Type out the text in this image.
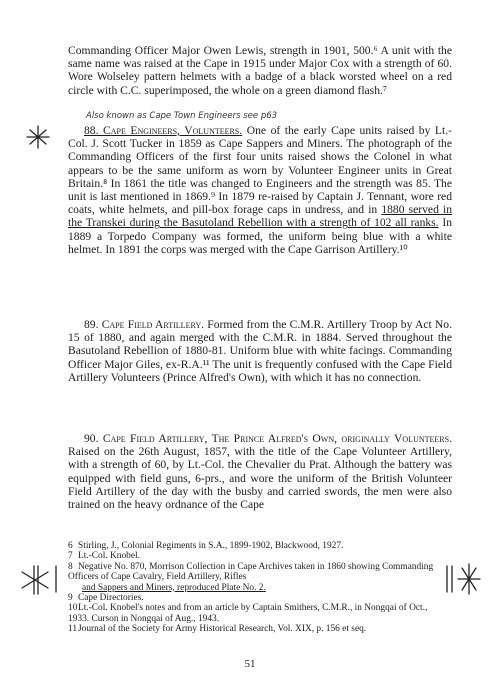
Commanding Officer Major Owen Lewis, strength in 1901, 500.⁶ A unit with the same name was raised at the Cape in 1915 under Major Cox with a strength of 60. Wore Wolseley pattern helmets with a badge of a black worsted wheel on a red circle with C.C. superimposed, the whole on a green diamond flash.⁷
Also known as Cape Town Engineers see p63
88. Cape Engineers, Volunteers. One of the early Cape units raised by Lt.-Col. J. Scott Tucker in 1859 as Cape Sappers and Miners. The photograph of the Commanding Officers of the first four units raised shows the Colonel in what appears to be the same uniform as worn by Volunteer Engineer units in Great Britain.⁸ In 1861 the title was changed to Engineers and the strength was 85. The unit is last mentioned in 1869.⁹ In 1879 re-raised by Captain J. Tennant, wore red coats, white helmets, and pill-box forage caps in undress, and in 1880 served in the Transkei during the Basutoland Rebellion with a strength of 102 all ranks. In 1889 a Torpedo Company was formed, the uniform being blue with a white helmet. In 1891 the corps was merged with the Cape Garrison Artillery.¹⁰
89. Cape Field Artillery. Formed from the C.M.R. Artillery Troop by Act No. 15 of 1880, and again merged with the C.M.R. in 1884. Served throughout the Basutoland Rebellion of 1880-81. Uniform blue with white facings. Commanding Officer Major Giles, ex-R.A.¹¹ The unit is frequently confused with the Cape Field Artillery Volunteers (Prince Alfred's Own), with which it has no connection.
90. Cape Field Artillery, The Prince Alfred's Own, originally Volunteers. Raised on the 26th August, 1857, with the title of the Cape Volunteer Artillery, with a strength of 60, by Lt.-Col. the Chevalier du Prat. Although the battery was equipped with field guns, 6-prs., and wore the uniform of the British Volunteer Field Artillery of the day with the busby and carried swords, the men were also trained on the heavy ordnance of the Cape
6 Stirling, J., Colonial Regiments in S.A., 1899-1902, Blackwood, 1927.
7 Lt.-Col. Knobel.
8 Negative No. 870, Morrison Collection in Cape Archives taken in 1860 showing Commanding Officers of Cape Cavalry, Field Artillery, Rifles
and Sappers and Miners, reproduced Plate No. 2.
9 Cape Directories.
10Lt.-Col. Knobel's notes and from an article by Captain Smithers, C.M.R., in Nongqai of Oct., 1933. Curson in Nongqai of Aug., 1943.
11Journal of the Society for Army Historical Research, Vol. XIX, p. 156 et seq.
51
